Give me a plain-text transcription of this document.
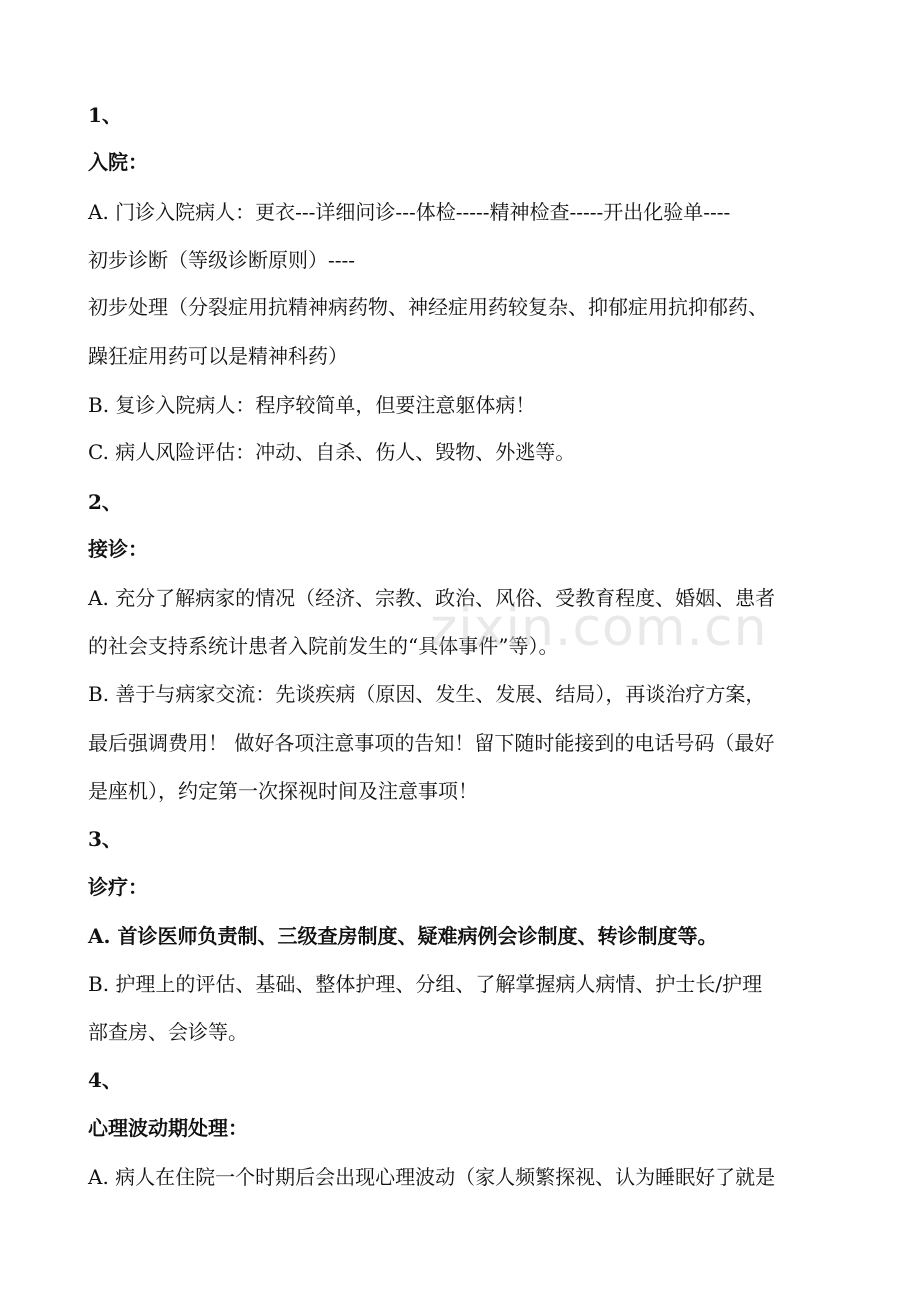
1、
入院：
A. 门诊入院病人：更衣---详细问诊---体检-----精神检查-----开出化验单----
初步诊断（等级诊断原则）----
初步处理（分裂症用抗精神病药物、神经症用药较复杂、抑郁症用抗抑郁药、
躁狂症用药可以是精神科药）
B. 复诊入院病人：程序较简单，但要注意躯体病！
C. 病人风险评估：冲动、自杀、伤人、毁物、外逃等。
2、
接诊：
A. 充分了解病家的情况（经济、宗教、政治、风俗、受教育程度、婚姻、患者
的社会支持系统计患者入院前发生的“具体事件”等）。
B. 善于与病家交流：先谈疾病（原因、发生、发展、结局），再谈治疗方案，
最后强调费用！ 做好各项注意事项的告知！留下随时能接到的电话号码（最好
是座机），约定第一次探视时间及注意事项！
3、
诊疗：
A. 首诊医师负责制、三级查房制度、疑难病例会诊制度、转诊制度等。
B. 护理上的评估、基础、整体护理、分组、了解掌握病人病情、护士长/护理
部查房、会诊等。
4、
心理波动期处理：
A. 病人在住院一个时期后会出现心理波动（家人频繁探视、认为睡眠好了就是
zixin.com.cn
